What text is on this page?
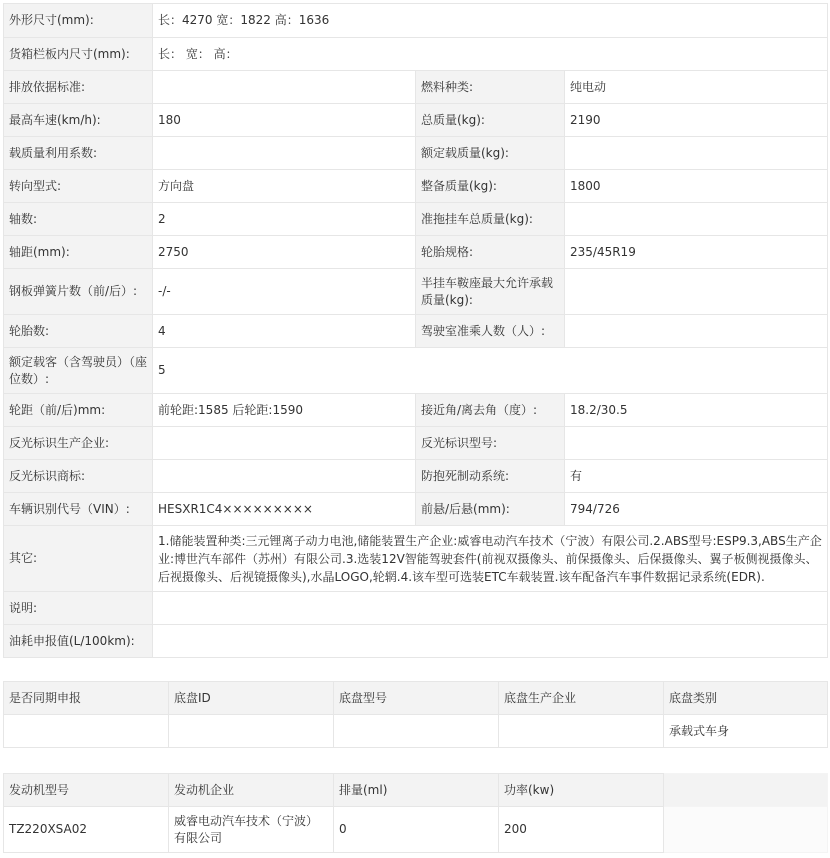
外形尺寸(mm):	长：4270 宽：1822 高：1636		
货箱栏板内尺寸(mm):	长： 宽： 高：		
排放依据标准:		燃料种类:	纯电动
最高车速(km/h):	180	总质量(kg):	2190
载质量利用系数:		额定载质量(kg):	
转向型式:	方向盘	整备质量(kg):	1800
轴数:	2	准拖挂车总质量(kg):	
轴距(mm):	2750	轮胎规格:	235/45R19
钢板弹簧片数（前/后）:	-/-	半挂车鞍座最大允许承载质量(kg):	
轮胎数:	4	驾驶室准乘人数（人）:	
额定载客（含驾驶员）（座位数）:	5		
轮距（前/后)mm:	前轮距:1585 后轮距:1590	接近角/离去角（度）:	18.2/30.5
反光标识生产企业:		反光标识型号:	
反光标识商标:		防抱死制动系统:	有
车辆识别代号（VIN）:	HESXR1C4×××××××××	前悬/后悬(mm):	794/726
其它:	1.储能装置种类:三元锂离子动力电池,储能装置生产企业:威睿电动汽车技术（宁波）有限公司.2.ABS型号:ESP9.3,ABS生产企业:博世汽车部件（苏州）有限公司.3.选装12V智能驾驶套件(前视双摄像头、前保摄像头、后保摄像头、翼子板侧视摄像头、后视摄像头、后视镜摄像头),水晶LOGO,轮辋.4.该车型可选装ETC车载装置.该车配备汽车事件数据记录系统(EDR).		
说明:			
油耗申报值(L/100km):			
是否同期申报	底盘ID	底盘型号	底盘生产企业	底盘类别
				承载式车身
发动机型号	发动机企业	排量(ml)	功率(kw)	
TZ220XSA02	威睿电动汽车技术（宁波）有限公司	0	200	
